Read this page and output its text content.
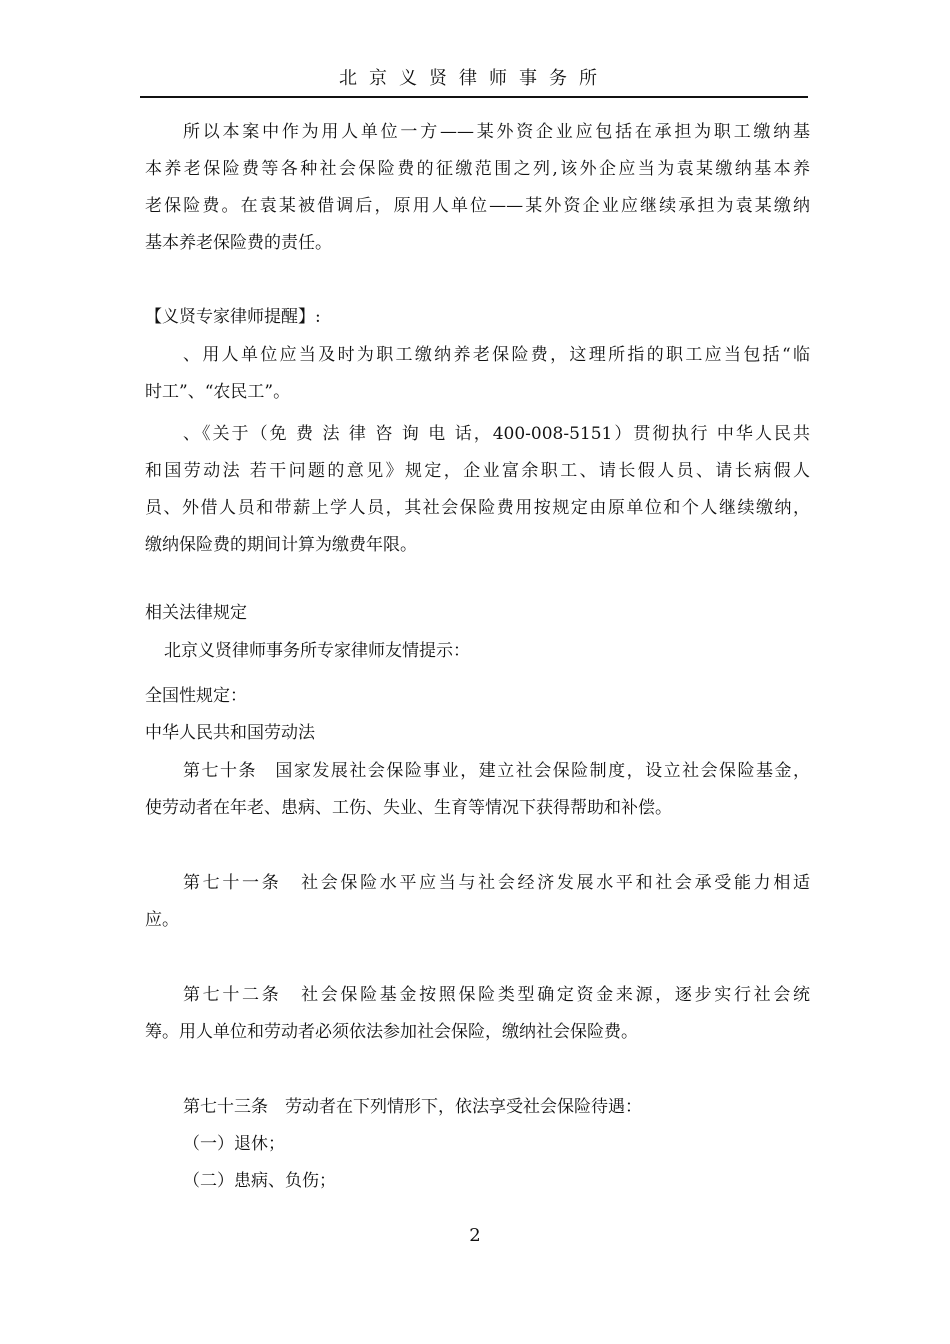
北京义贤律师事务所
所以本案中作为用人单位一方——某外资企业应包括在承担为职工缴纳基
本养老保险费等各种社会保险费的征缴范围之列,该外企应当为袁某缴纳基本养
老保险费。在袁某被借调后，原用人单位——某外资企业应继续承担为袁某缴纳
基本养老保险费的责任。
【义贤专家律师提醒】:
、用人单位应当及时为职工缴纳养老保险费，这理所指的职工应当包括“临
时工”、“农民工”。
、《关于（免 费 法 律 咨 询 电 话，400-008-5151）贯彻执行 中华人民共
和国劳动法 若干问题的意见》规定，企业富余职工、请长假人员、请长病假人
员、外借人员和带薪上学人员，其社会保险费用按规定由原单位和个人继续缴纳，
缴纳保险费的期间计算为缴费年限。
相关法律规定
北京义贤律师事务所专家律师友情提示：
全国性规定：
中华人民共和国劳动法
第七十条　国家发展社会保险事业，建立社会保险制度，设立社会保险基金，
使劳动者在年老、患病、工伤、失业、生育等情况下获得帮助和补偿。
第七十一条　社会保险水平应当与社会经济发展水平和社会承受能力相适
应。
第七十二条　社会保险基金按照保险类型确定资金来源，逐步实行社会统
筹。用人单位和劳动者必须依法参加社会保险，缴纳社会保险费。
第七十三条　劳动者在下列情形下，依法享受社会保险待遇：
（一）退休；
（二）患病、负伤；
2
